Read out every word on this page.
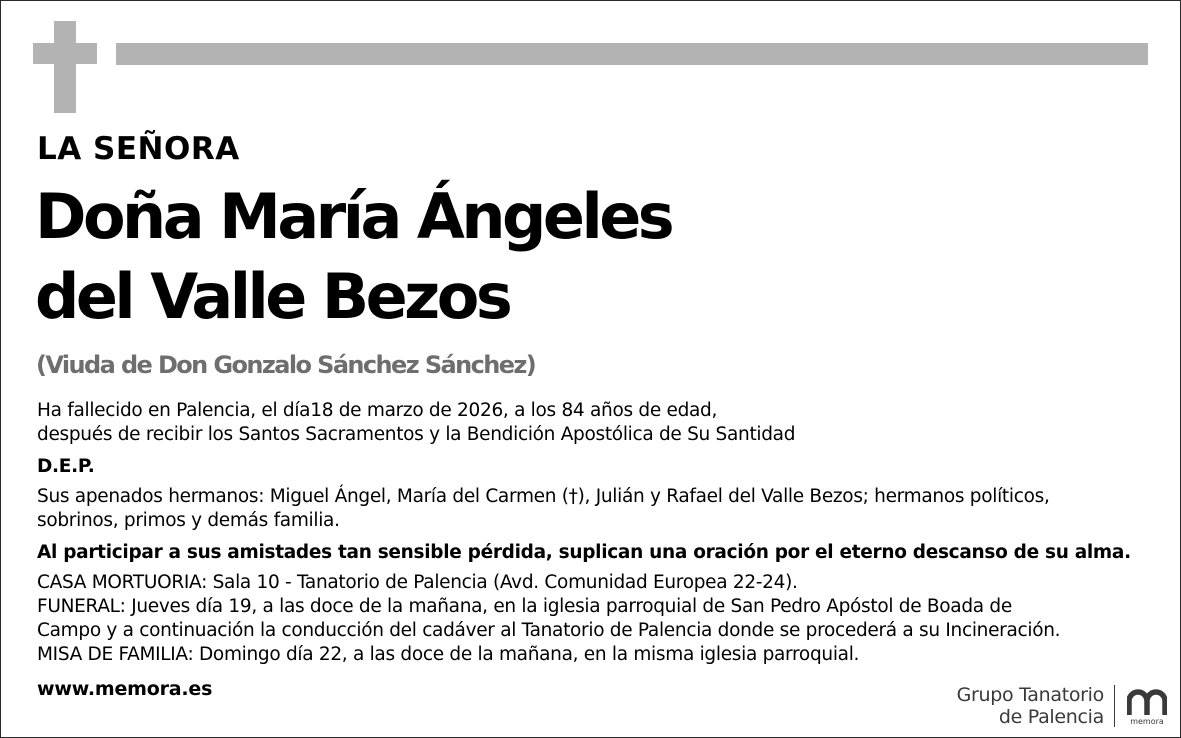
LA SEÑORA
Doña María Ángeles
del Valle Bezos
(Viuda de Don Gonzalo Sánchez Sánchez)

Ha fallecido en Palencia, el día18 de marzo de 2026, a los 84 años de edad,

después de recibir los Santos Sacramentos y la Bendición Apostólica de Su Santidad

D.E.P.

Sus apenados hermanos: Miguel Ángel, María del Carmen (†), Julián y Rafael del Valle Bezos; hermanos políticos,

sobrinos, primos y demás familia.

Al participar a sus amistades tan sensible pérdida, suplican una oración por el eterno descanso de su alma.

CASA MORTUORIA: Sala 10 - Tanatorio de Palencia (Avd. Comunidad Europea 22-24).

FUNERAL: Jueves día 19, a las doce de la mañana, en la iglesia parroquial de San Pedro Apóstol de Boada de

Campo y a continuación la conducción del cadáver al Tanatorio de Palencia donde se procederá a su Incineración.

MISA DE FAMILIA: Domingo día 22, a las doce de la mañana, en la misma iglesia parroquial.

www.memora.es	Grupo Tanatorio
de Palencia	memora
